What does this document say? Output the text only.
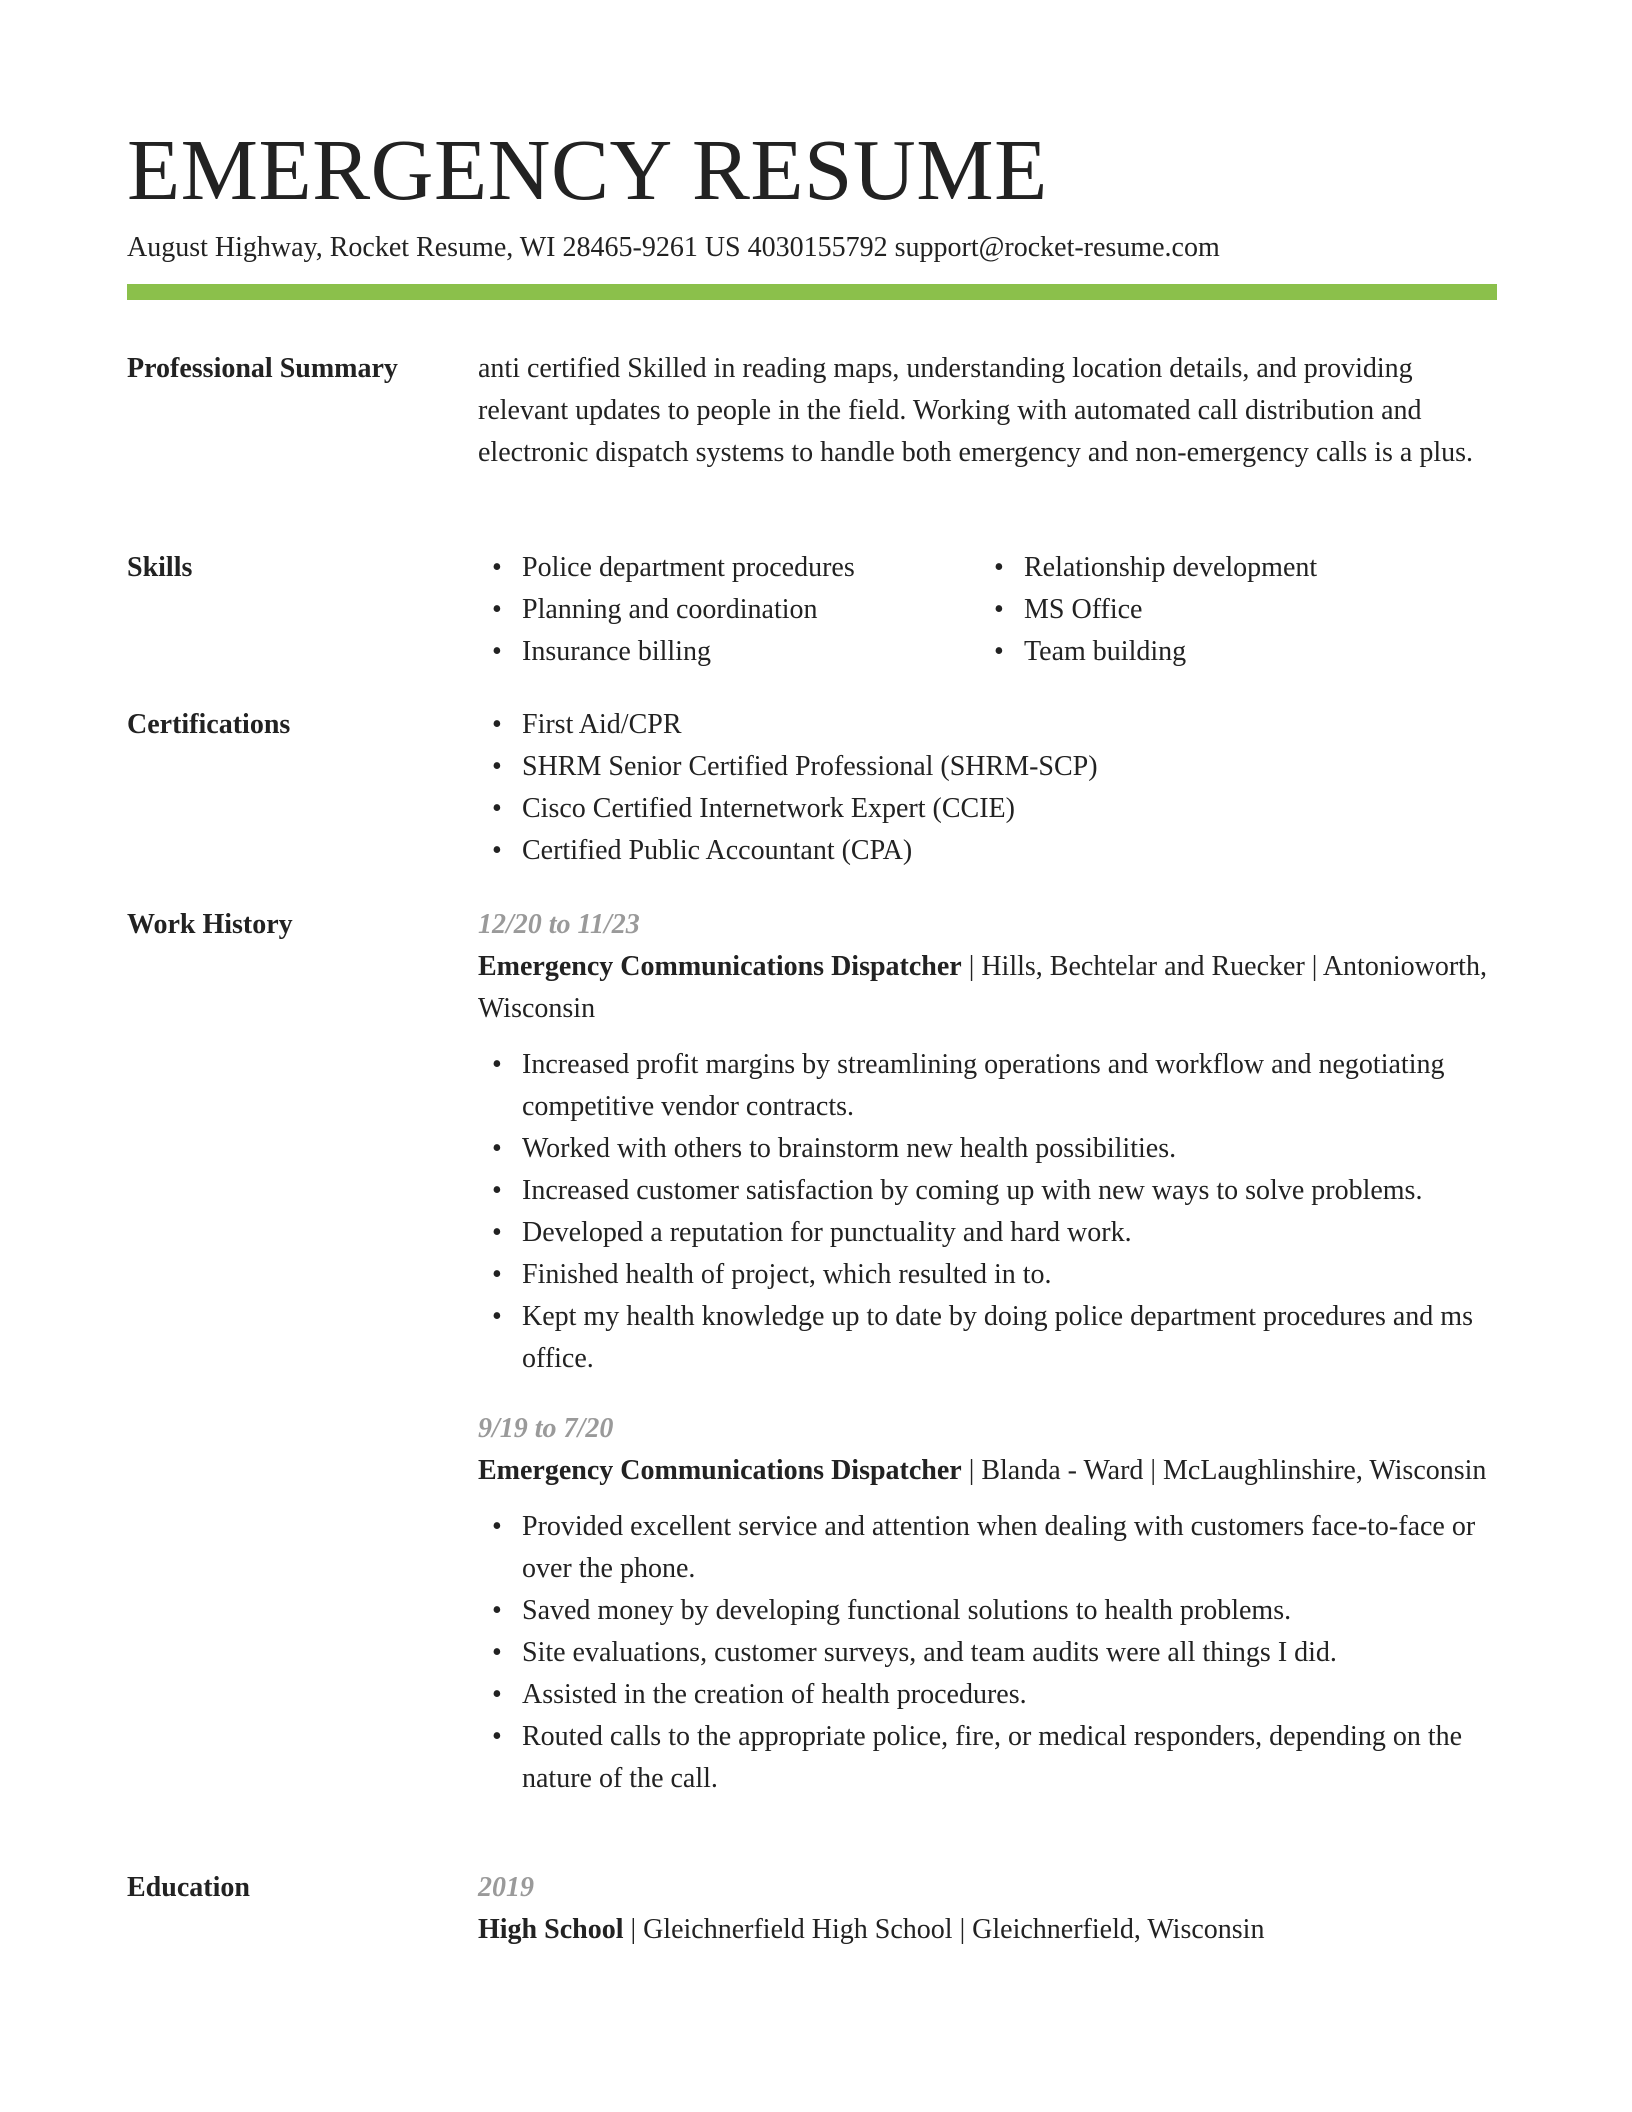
EMERGENCY RESUME
August Highway, Rocket Resume, WI 28465-9261 US 4030155792 support@rocket-resume.com
Professional Summary	anti certified Skilled in reading maps, understanding location details, and providing relevant updates to people in the field. Working with automated call distribution and electronic dispatch systems to handle both emergency and non-emergency calls is a plus.

Skills	• Police department procedures
• Planning and coordination
• Insurance billing
• Relationship development
• MS Office
• Team building
Certifications	• First Aid/CPR
• SHRM Senior Certified Professional (SHRM-SCP)
• Cisco Certified Internetwork Expert (CCIE)
• Certified Public Accountant (CPA)
Work History	12/20 to 11/23

Emergency Communications Dispatcher | Hills, Bechtelar and Ruecker | Antonioworth, Wisconsin

• Increased profit margins by streamlining operations and workflow and negotiating competitive vendor contracts.
• Worked with others to brainstorm new health possibilities.
• Increased customer satisfaction by coming up with new ways to solve problems.
• Developed a reputation for punctuality and hard work.
• Finished health of project, which resulted in to.
• Kept my health knowledge up to date by doing police department procedures and ms office.

9/19 to 7/20

Emergency Communications Dispatcher | Blanda - Ward | McLaughlinshire, Wisconsin

• Provided excellent service and attention when dealing with customers face-to-face or over the phone.
• Saved money by developing functional solutions to health problems.
• Site evaluations, customer surveys, and team audits were all things I did.
• Assisted in the creation of health procedures.
• Routed calls to the appropriate police, fire, or medical responders, depending on the nature of the call.
Education	2019

High School | Gleichnerfield High School | Gleichnerfield, Wisconsin
